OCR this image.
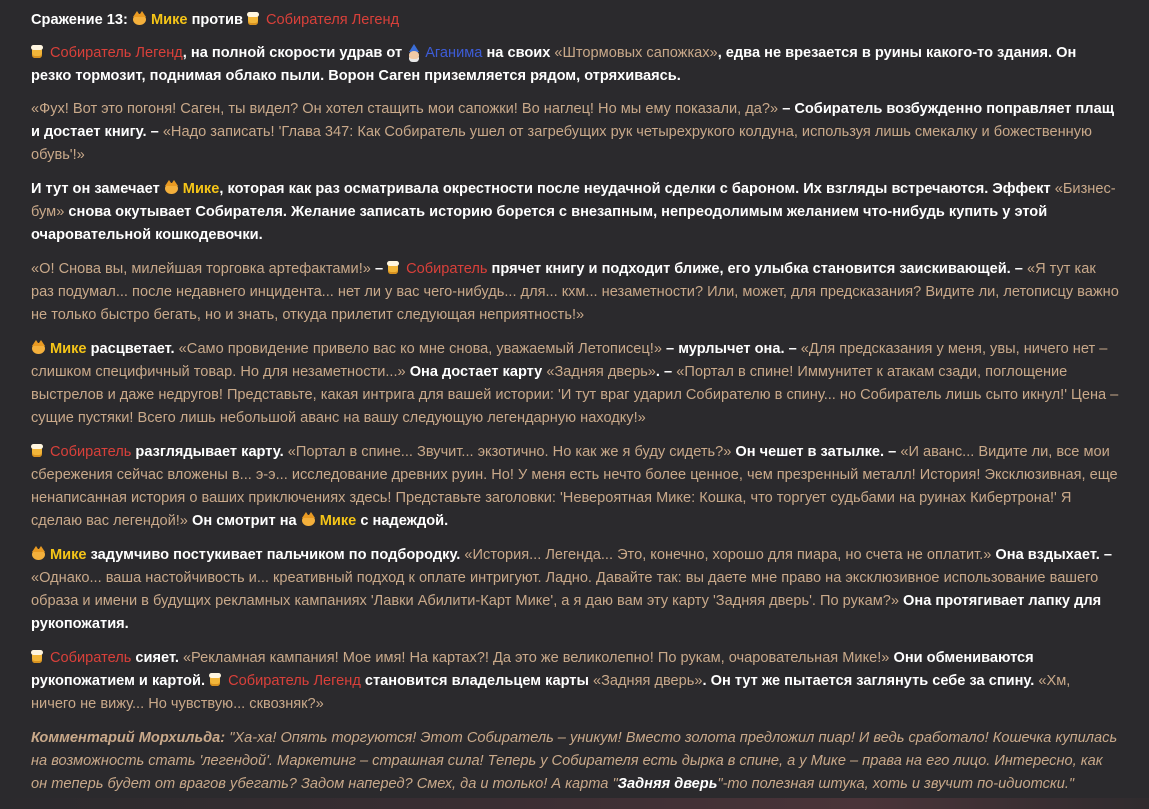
Сражение 13: Мике против Собирателя Легенд
Собиратель Легенд, на полной скорости удрав от Аганима на своих «Штормовых сапожках», едва не врезается в руины какого-то здания. Он резко тормозит, поднимая облако пыли. Ворон Саген приземляется рядом, отряхиваясь.
«Фух! Вот это погоня! Саген, ты видел? Он хотел стащить мои сапожки! Во наглец! Но мы ему показали, да?» – Собиратель возбужденно поправляет плащ и достает книгу. – «Надо записать! 'Глава 347: Как Собиратель ушел от загребущих рук четырехрукого колдуна, используя лишь смекалку и божественную обувь'!»
И тут он замечает Мике, которая как раз осматривала окрестности после неудачной сделки с бароном. Их взгляды встречаются. Эффект «Бизнес-бум» снова окутывает Собирателя. Желание записать историю борется с внезапным, непреодолимым желанием что-нибудь купить у этой очаровательной кошкодевочки.
«О! Снова вы, милейшая торговка артефактами!» – Собиратель прячет книгу и подходит ближе, его улыбка становится заискивающей. – «Я тут как раз подумал... после недавнего инцидента... нет ли у вас чего-нибудь... для... кхм... незаметности? Или, может, для предсказания? Видите ли, летописцу важно не только быстро бегать, но и знать, откуда прилетит следующая неприятность!»
Мике расцветает. «Само провидение привело вас ко мне снова, уважаемый Летописец!» – мурлычет она. – «Для предсказания у меня, увы, ничего нет – слишком специфичный товар. Но для незаметности...» Она достает карту «Задняя дверь». – «Портал в спине! Иммунитет к атакам сзади, поглощение выстрелов и даже недругов! Представьте, какая интрига для вашей истории: 'И тут враг ударил Собирателю в спину... но Собиратель лишь сыто икнул!' Цена – сущие пустяки! Всего лишь небольшой аванс на вашу следующую легендарную находку!»
Собиратель разглядывает карту. «Портал в спине... Звучит... экзотично. Но как же я буду сидеть?» Он чешет в затылке. – «И аванс... Видите ли, все мои сбережения сейчас вложены в... э-э... исследование древних руин. Но! У меня есть нечто более ценное, чем презренный металл! История! Эксклюзивная, еще ненаписанная история о ваших приключениях здесь! Представьте заголовки: 'Невероятная Мике: Кошка, что торгует судьбами на руинах Кибертрона!' Я сделаю вас легендой!» Он смотрит на Мике с надеждой.
Мике задумчиво постукивает пальчиком по подбородку. «История... Легенда... Это, конечно, хорошо для пиара, но счета не оплатит.» Она вздыхает. – «Однако... ваша настойчивость и... креативный подход к оплате интригуют. Ладно. Давайте так: вы даете мне право на эксклюзивное использование вашего образа и имени в будущих рекламных кампаниях 'Лавки Абилити-Карт Мике', а я даю вам эту карту 'Задняя дверь'. По рукам?» Она протягивает лапку для рукопожатия.
Собиратель сияет. «Рекламная кампания! Мое имя! На картах?! Да это же великолепно! По рукам, очаровательная Мике!» Они обмениваются рукопожатием и картой. Собиратель Легенд становится владельцем карты «Задняя дверь». Он тут же пытается заглянуть себе за спину. «Хм, ничего не вижу... Но чувствую... сквозняк?»
Комментарий Морхильда: "Ха-ха! Опять торгуются! Этот Собиратель – уникум! Вместо золота предложил пиар! И ведь сработало! Кошечка купилась на возможность стать 'легендой'. Маркетинг – страшная сила! Теперь у Собирателя есть дырка в спине, а у Мике – права на его лицо. Интересно, как он теперь будет от врагов убегать? Задом наперед? Смех, да и только! А карта "Задняя дверь"-то полезная штука, хоть и звучит по-идиотски."
